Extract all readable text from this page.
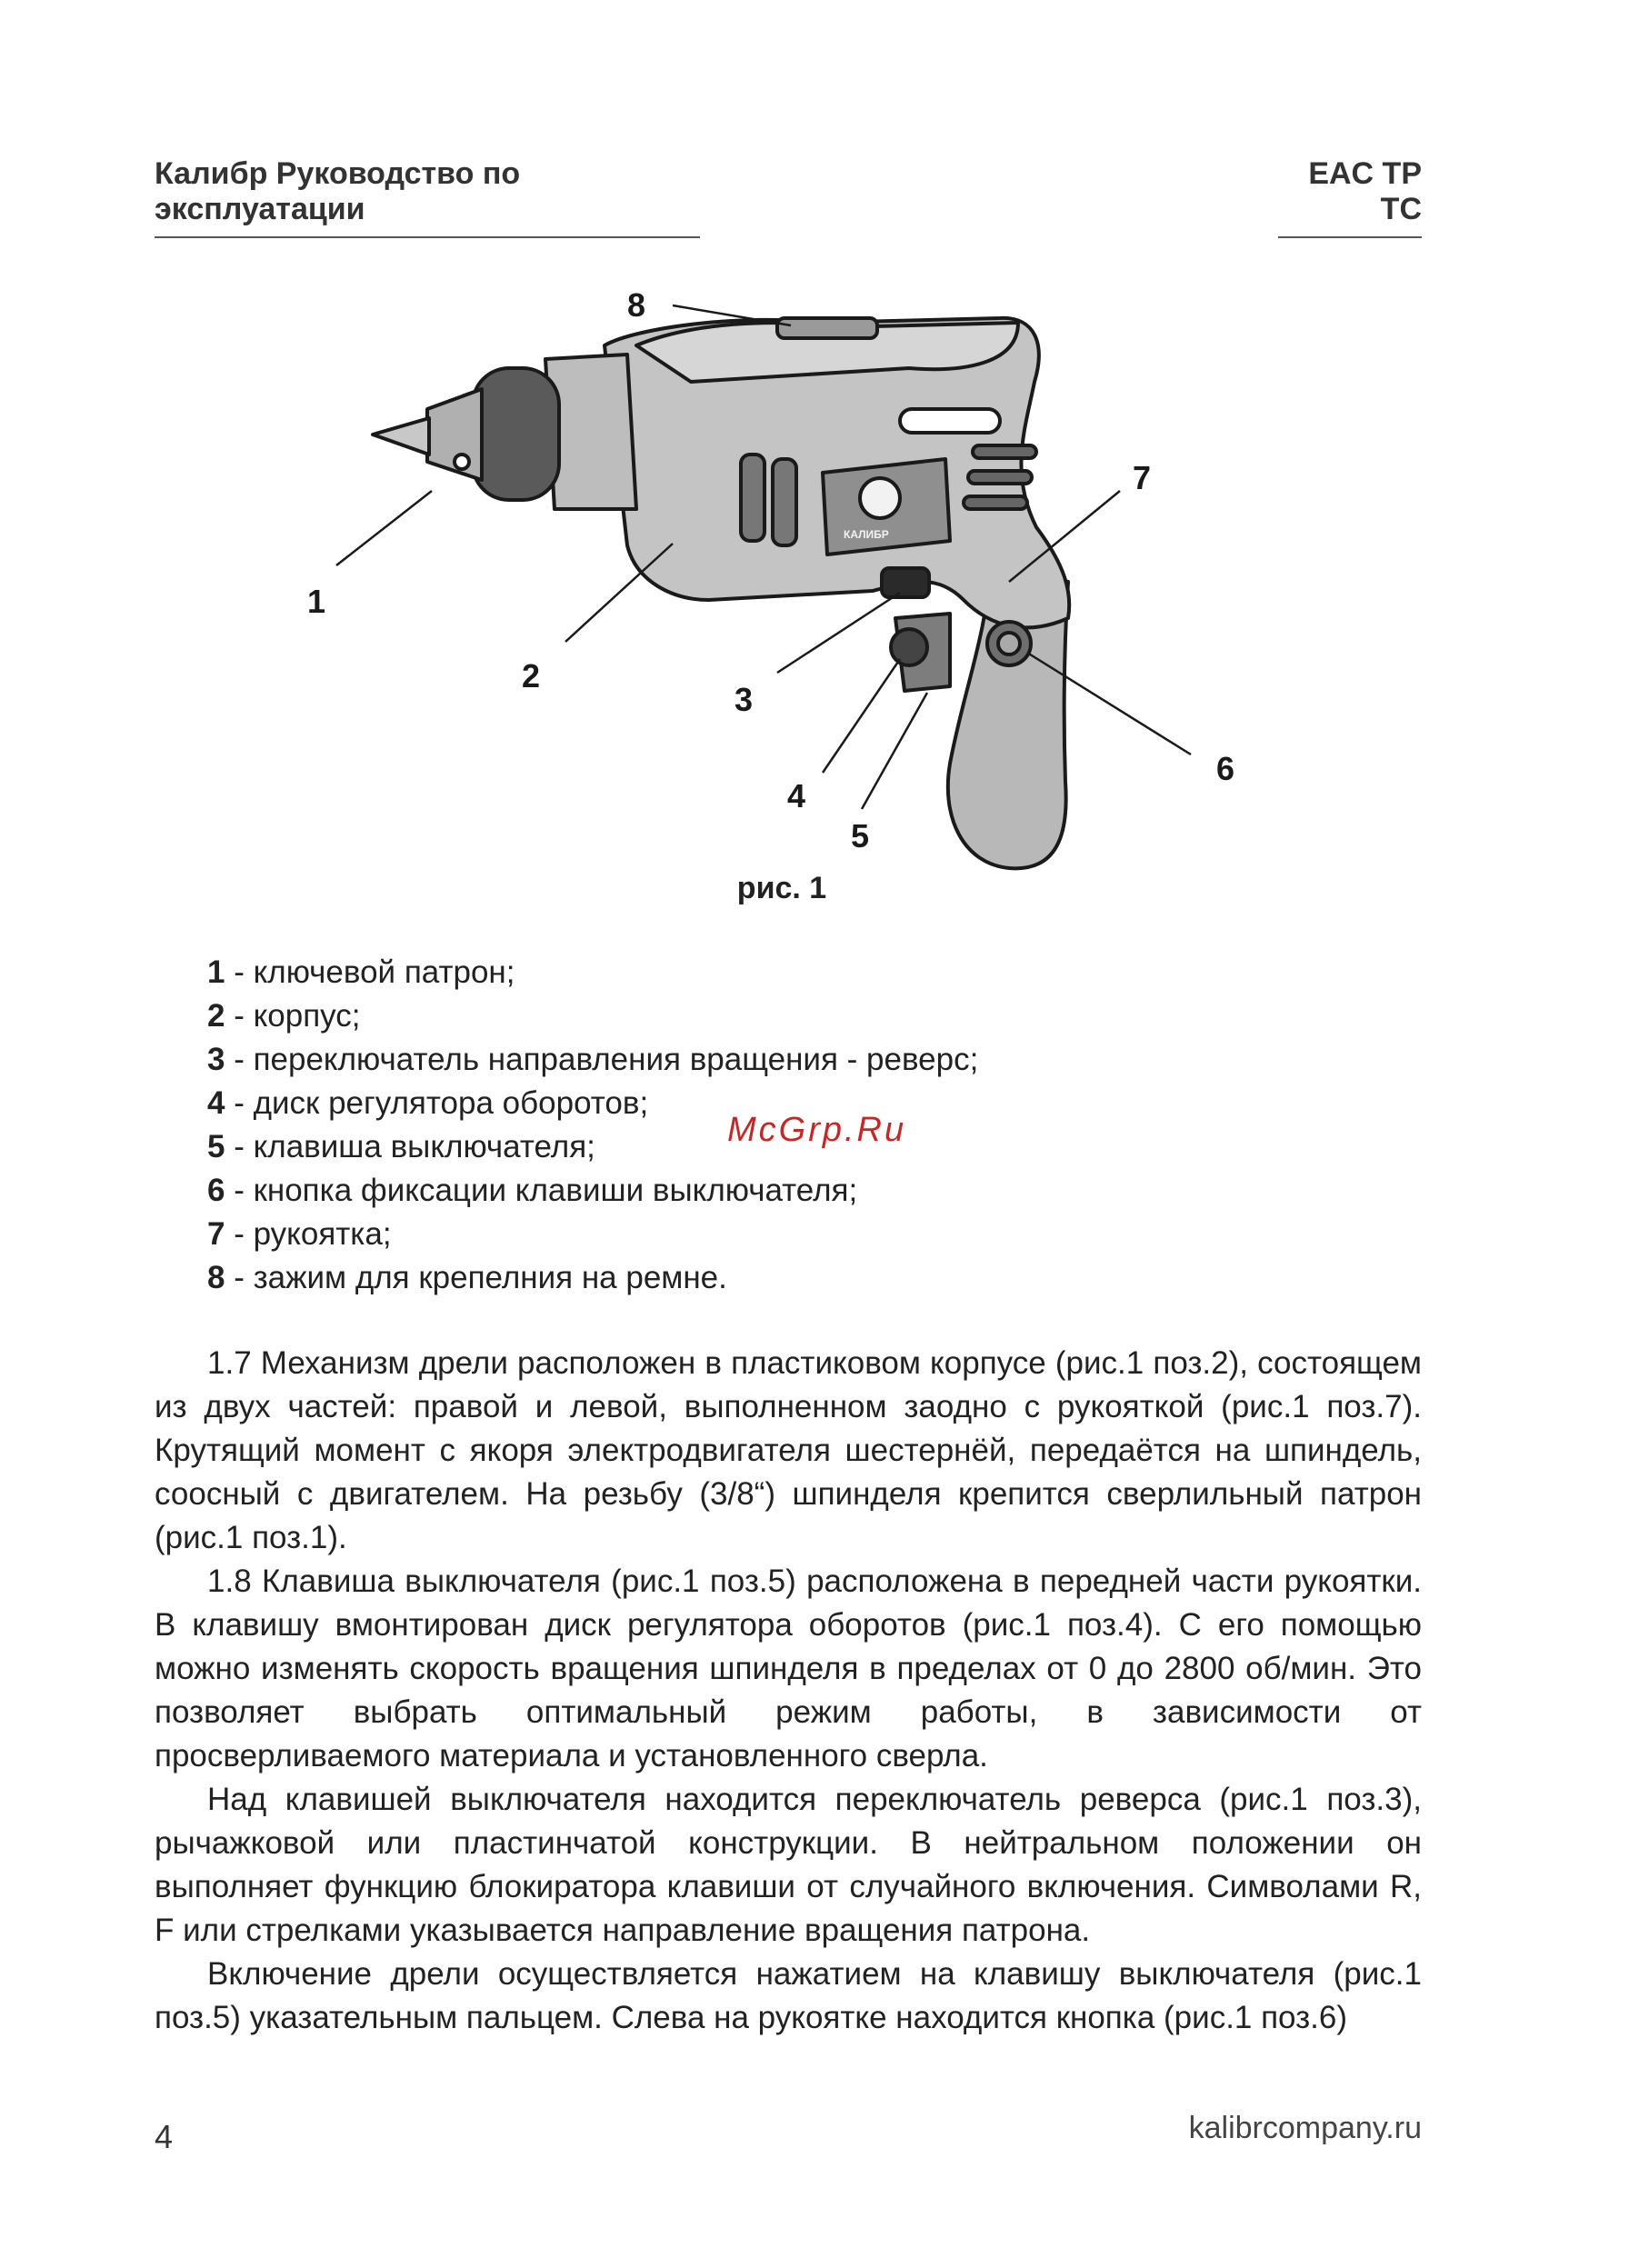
Калибр Руководство по эксплуатации
EAC TP TC
1
2
3
4
5
6
7
8
КАЛИБР
рис. 1
1 - ключевой патрон;
2 - корпус;
3 - переключатель направления вращения - реверс;
4 - диск регулятора оборотов;
5 - клавиша выключателя;
6 - кнопка фиксации клавиши выключателя;
7 - рукоятка;
8 - зажим для крепелния на ремне.
McGrp.Ru

1.7 Механизм дрели расположен в пластиковом корпусе (рис.1 поз.2), состоящем из двух частей: правой и левой, выполненном заодно с рукояткой (рис.1 поз.7). Крутящий момент с якоря электродвигателя шестернёй, передаётся на шпиндель, соосный с двигателем. На резьбу (3/8“) шпинделя крепится сверлильный патрон (рис.1 поз.1).

1.8 Клавиша выключателя (рис.1 поз.5) расположена в передней части рукоятки. В клавишу вмонтирован диск регулятора оборотов (рис.1 поз.4). С его помощью можно изменять скорость вращения шпинделя в пределах от 0 до 2800 об/мин. Это позволяет выбрать оптимальный режим работы, в зависимости от просверливаемого материала и установленного сверла.

Над клавишей выключателя находится переключатель реверса (рис.1 поз.3), рычажковой или пластинчатой конструкции. В нейтральном положении он выполняет функцию блокиратора клавиши от случайного включения. Символами R, F или стрелками указывается направление вращения патрона.

Включение дрели осуществляется нажатием на клавишу выключателя (рис.1 поз.5) указательным пальцем. Слева на рукоятке находится кнопка (рис.1 поз.6)

4	kalibrcompany.ru
